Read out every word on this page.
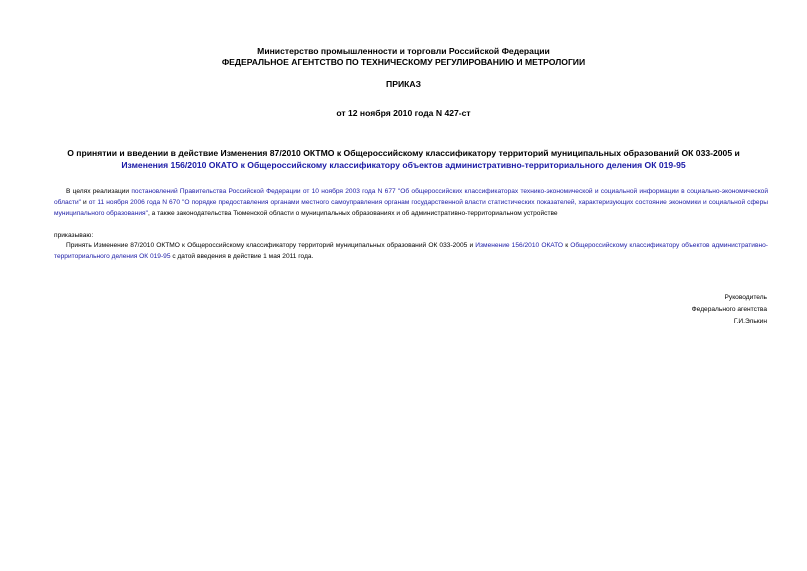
Министерство промышленности и торговли Российской Федерации
ФЕДЕРАЛЬНОЕ АГЕНТСТВО ПО ТЕХНИЧЕСКОМУ РЕГУЛИРОВАНИЮ И МЕТРОЛОГИИ
ПРИКАЗ
от 12 ноября 2010 года N 427-ст
О принятии и введении в действие Изменения 87/2010 ОКТМО к Общероссийскому классификатору территорий муниципальных образований ОК 033-2005 и
Изменения 156/2010 ОКАТО к Общероссийскому классификатору объектов административно-территориального деления ОК 019-95
В целях реализации постановлений Правительства Российской Федерации от 10 ноября 2003 года N 677 "Об общероссийских классификаторах технико-экономической и социальной информации в социально-экономической области" и от 11 ноября 2006 года N 670 "О порядке предоставления органами местного самоуправления органам государственной власти статистических показателей, характеризующих состояние экономики и социальной сферы муниципального образования", а также законодательства Тюменской области о муниципальных образованиях и об административно-территориальном устройстве
приказываю:
Принять Изменение 87/2010 ОКТМО к Общероссийскому классификатору территорий муниципальных образований ОК 033-2005 и Изменение 156/2010 ОКАТО к Общероссийскому классификатору объектов административно-территориального деления ОК 019-95 с датой введения в действие 1 мая 2011 года.
Руководитель
Федерального агентства
Г.И.Элькин
